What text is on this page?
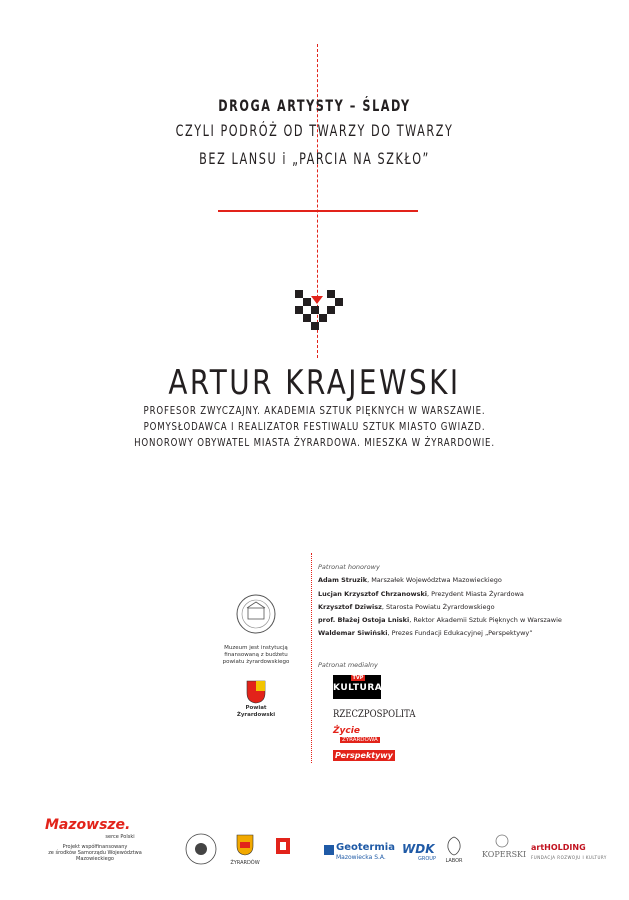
DROGA ARTYSTY – ŚLADY
CZYLI PODRÓŻ OD TWARZY DO TWARZY
BEZ LANSU i „PARCIA NA SZKŁO”
ARTUR KRAJEWSKI
PROFESOR ZWYCZAJNY. AKADEMIA SZTUK PIĘKNYCH W WARSZAWIE.
POMYSŁODAWCA I REALIZATOR FESTIWALU SZTUK MIASTO GWIAZD.
HONOROWY OBYWATEL MIASTA ŻYRARDOWA. MIESZKA W ŻYRARDOWIE.
Muzeum jest instytucją
finansowaną z budżetu
powiatu żyrardowskiego
Powiat
Żyrardowski
Patronat honorowy
Adam Struzik, Marszałek Województwa Mazowieckiego
Lucjan Krzysztof Chrzanowski, Prezydent Miasta Żyrardowa
Krzysztof Dziwisz, Starosta Powiatu Żyrardowskiego
prof. Błażej Ostoja Lniski, Rektor Akademii Sztuk Pięknych w Warszawie
Waldemar Siwiński, Prezes Fundacji Edukacyjnej „Perspektywy”
Patronat medialny
TVP
KULTURA
RZECZPOSPOLITA
Życie
ŻYRARDOWA
Perspektywy
Mazowsze.
serce Polski
Projekt współfinansowany
ze środków Samorządu Województwa Mazowieckiego
ŻYRARDÓW
Geotermia
Mazowiecka S.A.
WDK
GROUP	LABOR
KOPERSKI
artHOLDING
FUNDACJA ROZWOJU I KULTURY
